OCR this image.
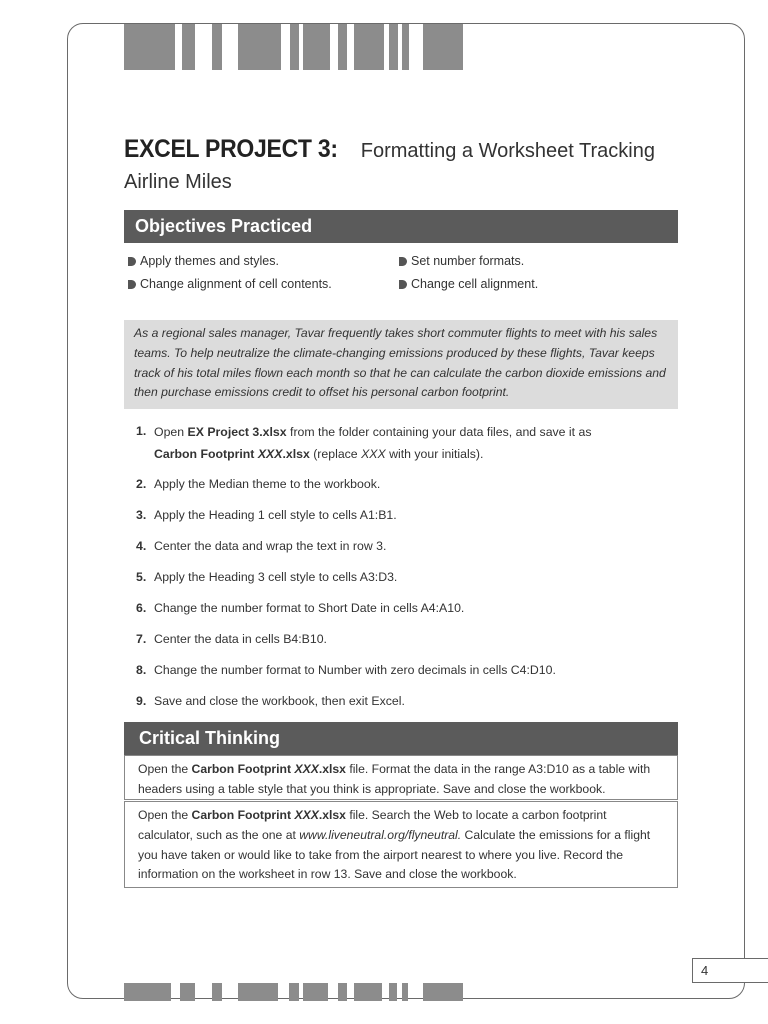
EXCEL PROJECT 3: Formatting a Worksheet Tracking
Airline Miles
Objectives Practiced
Apply themes and styles.
Change alignment of cell contents.
Set number formats.
Change cell alignment.
As a regional sales manager, Tavar frequently takes short commuter flights to meet with his sales teams. To help neutralize the climate-changing emissions produced by these flights, Tavar keeps track of his total miles flown each month so that he can calculate the carbon dioxide emissions and then purchase emissions credit to offset his personal carbon footprint.
1. Open EX Project 3.xlsx from the folder containing your data files, and save it as
Carbon Footprint XXX.xlsx (replace XXX with your initials).
2. Apply the Median theme to the workbook.
3. Apply the Heading 1 cell style to cells A1:B1.
4. Center the data and wrap the text in row 3.
5. Apply the Heading 3 cell style to cells A3:D3.
6. Change the number format to Short Date in cells A4:A10.
7. Center the data in cells B4:B10.
8. Change the number format to Number with zero decimals in cells C4:D10.
9. Save and close the workbook, then exit Excel.
Critical Thinking
Open the Carbon Footprint XXX.xlsx file. Format the data in the range A3:D10 as a table with headers using a table style that you think is appropriate. Save and close the workbook.
Open the Carbon Footprint XXX.xlsx file. Search the Web to locate a carbon footprint calculator, such as the one at www.liveneutral.org/flyneutral. Calculate the emissions for a flight you have taken or would like to take from the airport nearest to where you live. Record the information on the worksheet in row 13. Save and close the workbook.
4
